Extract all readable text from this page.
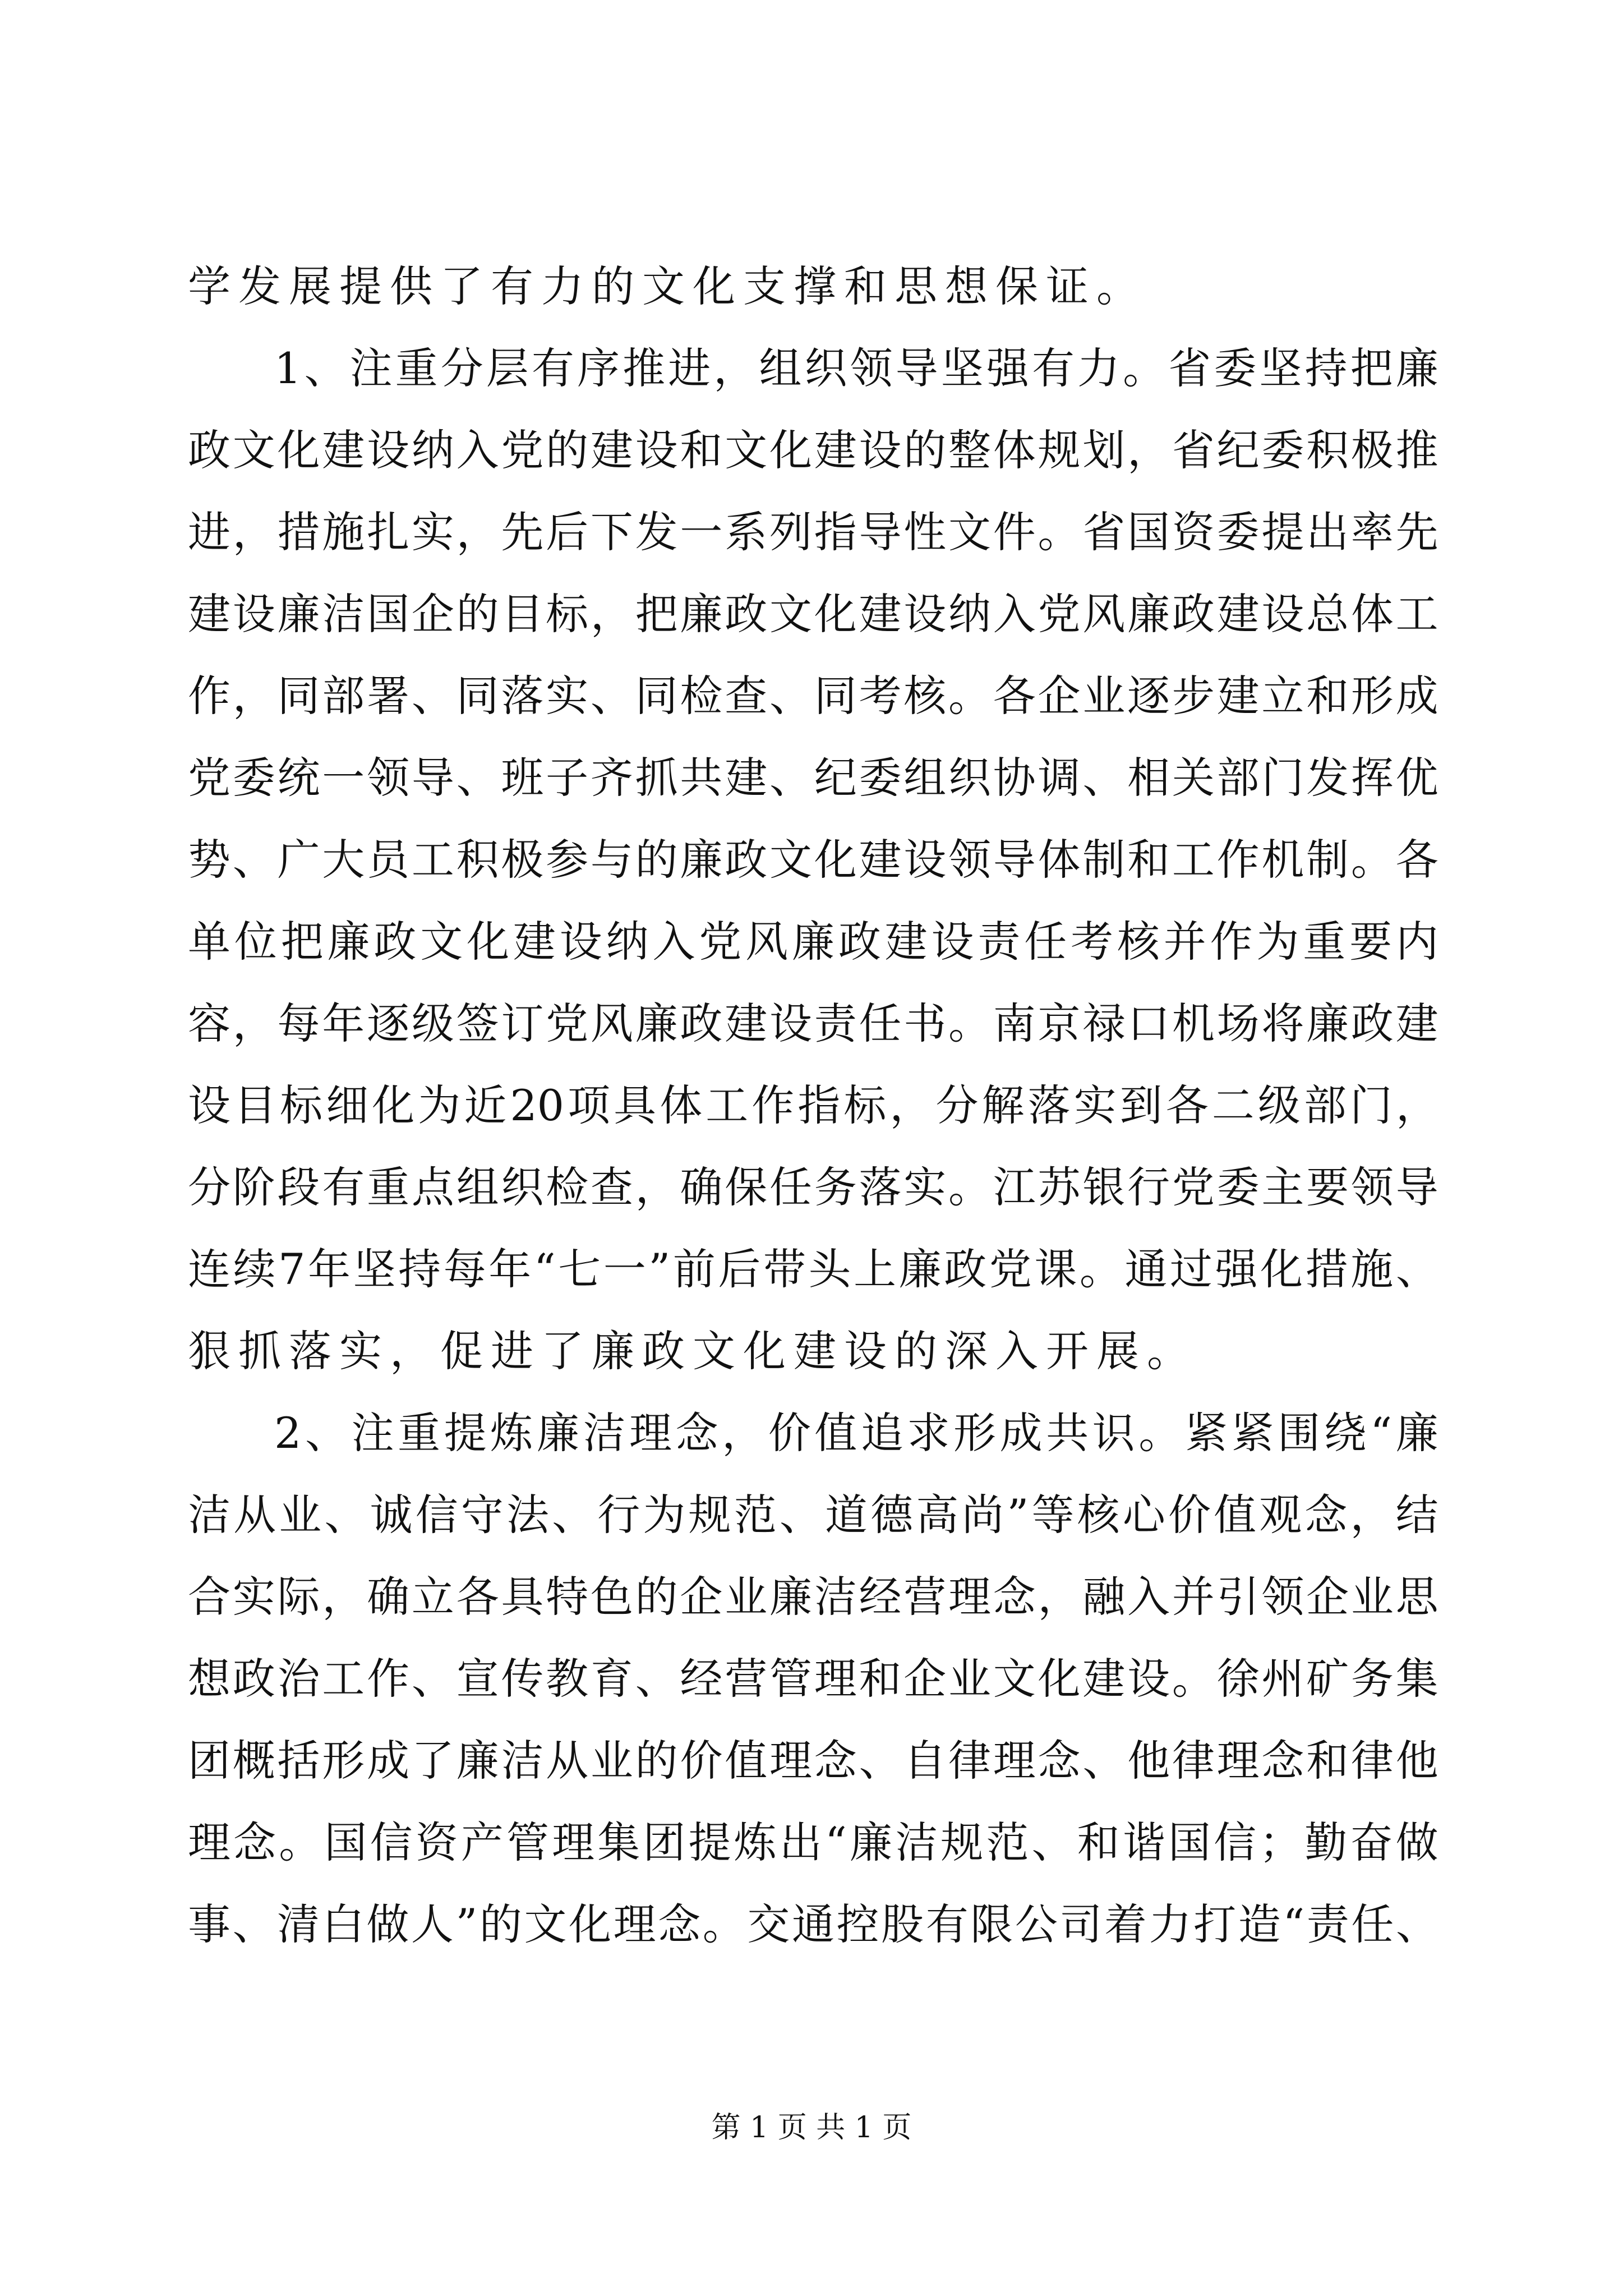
学发展提供了有力的文化支撑和思想保证。
1 、 注 重 分 层 有 序 推 进 ， 组 织 领 导 坚 强 有 力 。 省 委 坚 持 把 廉
政 文 化 建 设 纳 入 党 的 建 设 和 文 化 建 设 的 整 体 规 划 ， 省 纪 委 积 极 推
进 ， 措 施 扎 实 ， 先 后 下 发 一 系 列 指 导 性 文 件 。 省 国 资 委 提 出 率 先
建 设 廉 洁 国 企 的 目 标 ， 把 廉 政 文 化 建 设 纳 入 党 风 廉 政 建 设 总 体 工
作 ， 同 部 署 、 同 落 实 、 同 检 查 、 同 考 核 。 各 企 业 逐 步 建 立 和 形 成
党 委 统 一 领 导 、 班 子 齐 抓 共 建 、 纪 委 组 织 协 调 、 相 关 部 门 发 挥 优
势 、 广 大 员 工 积 极 参 与 的 廉 政 文 化 建 设 领 导 体 制 和 工 作 机 制 。 各
单 位 把 廉 政 文 化 建 设 纳 入 党 风 廉 政 建 设 责 任 考 核 并 作 为 重 要 内
容 ， 每 年 逐 级 签 订 党 风 廉 政 建 设 责 任 书 。 南 京 禄 口 机 场 将 廉 政 建
设 目 标 细 化 为 近 20 项 具 体 工 作 指 标 ， 分 解 落 实 到 各 二 级 部 门 ，
分 阶 段 有 重 点 组 织 检 查 ， 确 保 任 务 落 实 。 江 苏 银 行 党 委 主 要 领 导
连 续 7 年 坚 持 每 年 “ 七 一 ” 前 后 带 头 上 廉 政 党 课 。 通 过 强 化 措 施 、
狠抓落实，促进了廉政文化建设的深入开展。
2 、 注 重 提 炼 廉 洁 理 念 ， 价 值 追 求 形 成 共 识 。 紧 紧 围 绕 “ 廉
洁 从 业 、 诚 信 守 法 、 行 为 规 范 、 道 德 高 尚 ” 等 核 心 价 值 观 念 ， 结
合 实 际 ， 确 立 各 具 特 色 的 企 业 廉 洁 经 营 理 念 ， 融 入 并 引 领 企 业 思
想 政 治 工 作 、 宣 传 教 育 、 经 营 管 理 和 企 业 文 化 建 设 。 徐 州 矿 务 集
团 概 括 形 成 了 廉 洁 从 业 的 价 值 理 念 、 自 律 理 念 、 他 律 理 念 和 律 他
理 念 。 国 信 资 产 管 理 集 团 提 炼 出 “ 廉 洁 规 范 、 和 谐 国 信 ； 勤 奋 做
事 、 清 白 做 人 ” 的 文 化 理 念 。 交 通 控 股 有 限 公 司 着 力 打 造 “ 责 任 、
第 1 页 共 1 页
